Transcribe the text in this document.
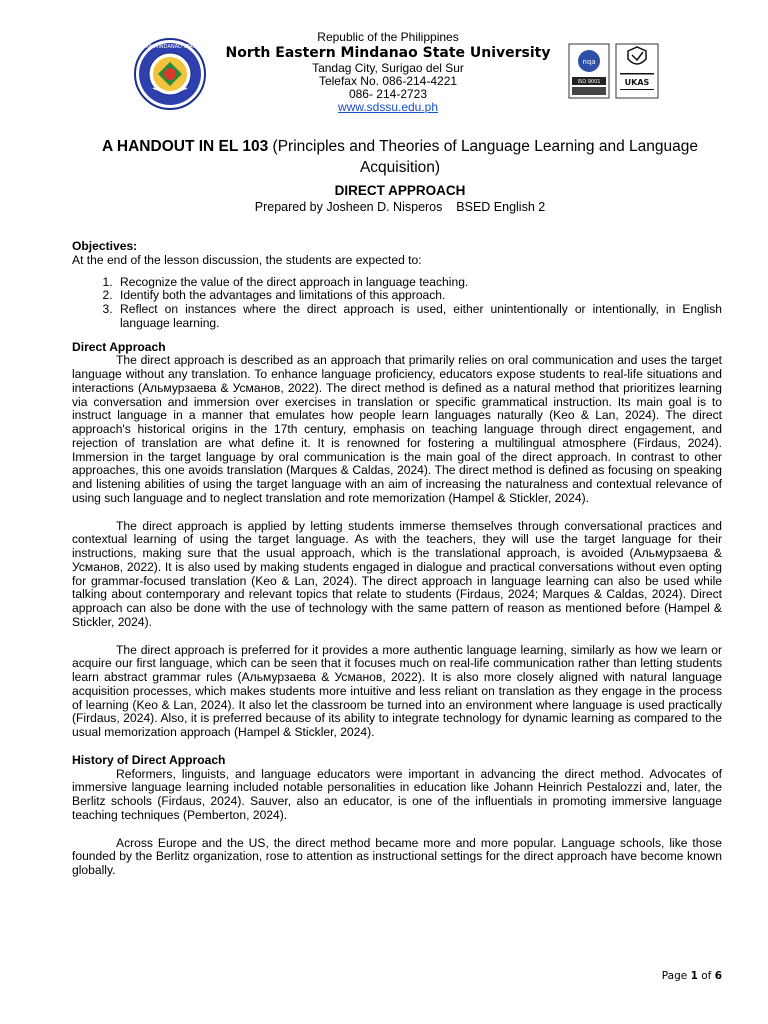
NORTH EASTERN MINDANAO STATE UNIVERSITY
Republic of the Philippines
North Eastern Mindanao State University
Tandag City, Surigao del Sur
Telefax No. 086-214-4221
086- 214-2723
www.sdssu.edu.ph
nqa
ISO 9001	UKAS
A HANDOUT IN EL 103 (Principles and Theories of Language Learning and Language Acquisition)
DIRECT APPROACH
Prepared by Josheen D. Nisperos    BSED English 2
Objectives:
At the end of the lesson discussion, the students are expected to:
1. Recognize the value of the direct approach in language teaching.
2. Identify both the advantages and limitations of this approach.
3. Reflect on instances where the direct approach is used, either unintentionally or intentionally, in English language learning.
Direct Approach

The direct approach is described as an approach that primarily relies on oral communication and uses the target language without any translation. To enhance language proficiency, educators expose students to real-life situations and interactions (Альмурзаева & Усманов, 2022). The direct method is defined as a natural method that prioritizes learning via conversation and immersion over exercises in translation or specific grammatical instruction. Its main goal is to instruct language in a manner that emulates how people learn languages naturally (Keo & Lan, 2024). The direct approach's historical origins in the 17th century, emphasis on teaching language through direct engagement, and rejection of translation are what define it. It is renowned for fostering a multilingual atmosphere (Firdaus, 2024). Immersion in the target language by oral communication is the main goal of the direct approach. In contrast to other approaches, this one avoids translation (Marques & Caldas, 2024). The direct method is defined as focusing on speaking and listening abilities of using the target language with an aim of increasing the naturalness and contextual relevance of using such language and to neglect translation and rote memorization (Hampel & Stickler, 2024).

The direct approach is applied by letting students immerse themselves through conversational practices and contextual learning of using the target language. As with the teachers, they will use the target language for their instructions, making sure that the usual approach, which is the translational approach, is avoided (Альмурзаева & Усманов, 2022). It is also used by making students engaged in dialogue and practical conversations without even opting for grammar-focused translation (Keo & Lan, 2024). The direct approach in language learning can also be used while talking about contemporary and relevant topics that relate to students (Firdaus, 2024; Marques & Caldas, 2024). Direct approach can also be done with the use of technology with the same pattern of reason as mentioned before (Hampel & Stickler, 2024).

The direct approach is preferred for it provides a more authentic language learning, similarly as how we learn or acquire our first language, which can be seen that it focuses much on real-life communication rather than letting students learn abstract grammar rules (Альмурзаева & Усманов, 2022). It is also more closely aligned with natural language acquisition processes, which makes students more intuitive and less reliant on translation as they engage in the process of learning (Keo & Lan, 2024). It also let the classroom be turned into an environment where language is used practically (Firdaus, 2024). Also, it is preferred because of its ability to integrate technology for dynamic learning as compared to the usual memorization approach (Hampel & Stickler, 2024).

History of Direct Approach

Reformers, linguists, and language educators were important in advancing the direct method. Advocates of immersive language learning included notable personalities in education like Johann Heinrich Pestalozzi and, later, the Berlitz schools (Firdaus, 2024). Sauver, also an educator, is one of the influentials in promoting immersive language teaching techniques (Pemberton, 2024).

Across Europe and the US, the direct method became more and more popular. Language schools, like those founded by the Berlitz organization, rose to attention as instructional settings for the direct approach have become known globally.

Page 1 of 6
